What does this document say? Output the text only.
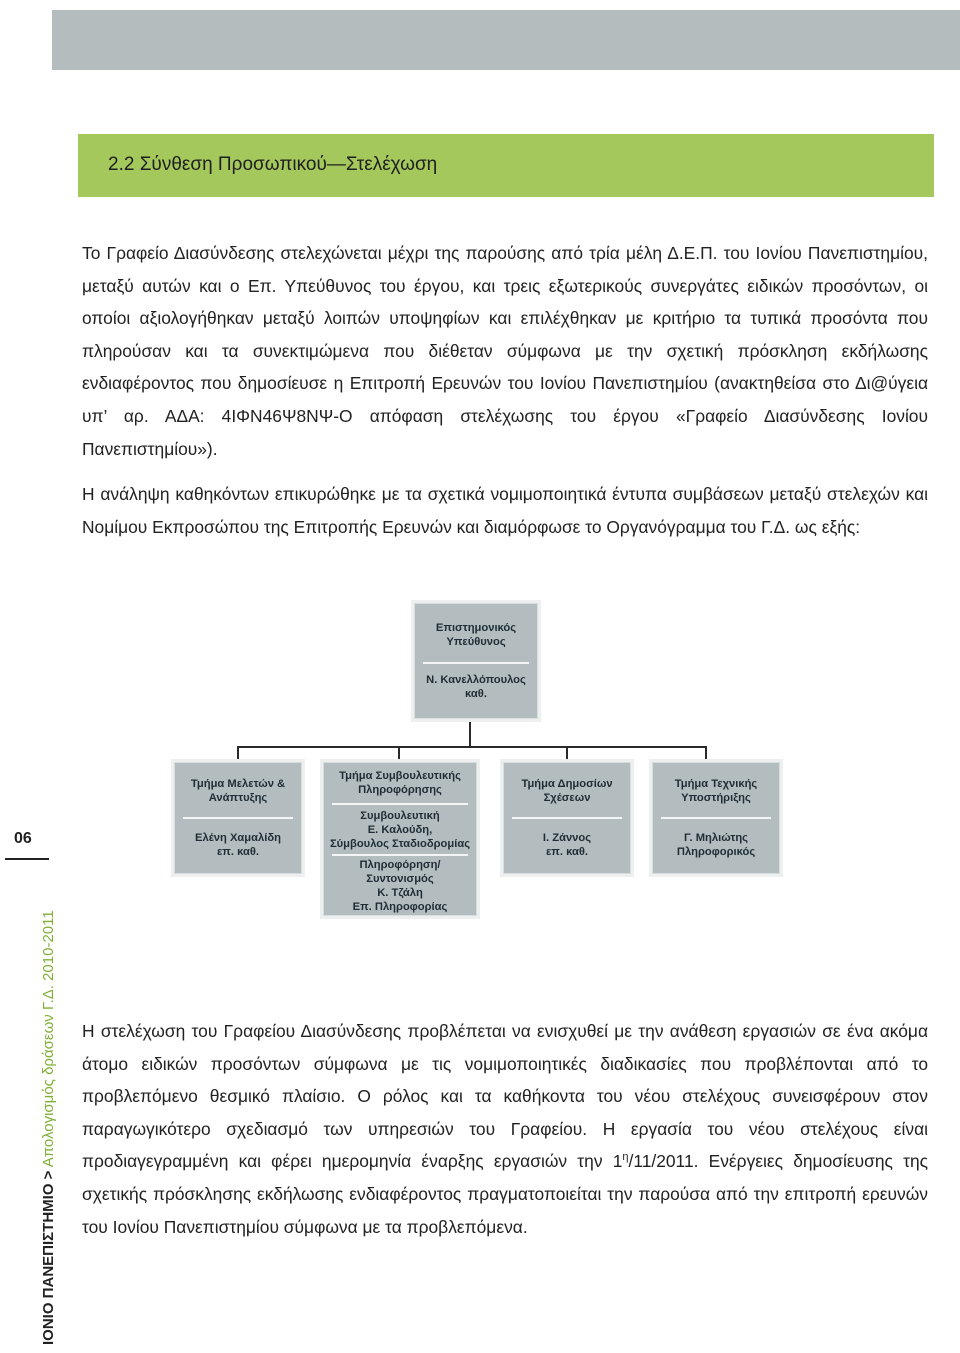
2.2 Σύνθεση Προσωπικού—Στελέχωση

Το Γραφείο Διασύνδεσης στελεχώνεται μέχρι της παρούσης από τρία μέλη Δ.Ε.Π. του Ιονίου Πανεπιστημίου, μεταξύ αυτών και ο Επ. Υπεύθυνος του έργου, και τρεις εξωτερικούς συνεργάτες ειδικών προσόντων, οι οποίοι αξιολογήθηκαν μεταξύ λοιπών υποψηφίων και επιλέχθηκαν με κριτήριο τα τυπικά προσόντα που πληρούσαν και τα συνεκτιμώμενα που διέθεταν σύμφωνα με την σχετική πρόσκληση εκδήλωσης ενδιαφέροντος που δημοσίευσε η Επιτροπή Ερευνών του Ιονίου Πανεπιστημίου (ανακτηθείσα στο Δι@ύγεια υπ’ αρ. ΑΔΑ: 4ΙΦΝ46Ψ8ΝΨ-Ο απόφαση στελέχωσης του έργου «Γραφείο Διασύνδεσης Ιονίου Πανεπιστημίου»).

Η ανάληψη καθηκόντων επικυρώθηκε με τα σχετικά νομιμοποιητικά έντυπα συμβάσεων μεταξύ στελεχών και Νομίμου Εκπροσώπου της Επιτροπής Ερευνών και διαμόρφωσε το Οργανόγραμμα του Γ.Δ. ως εξής:

Επιστημονικός
Υπεύθυνος
Ν. Κανελλόπουλος
καθ.
Τμήμα Μελετών &
Ανάπτυξης
Ελένη Χαμαλίδη
επ. καθ.
Τμήμα Συμβουλευτικής
Πληροφόρησης
Συμβουλευτική
Ε. Καλούδη,
Σύμβουλος Σταδιοδρομίας
Πληροφόρηση/
Συντονισμός
Κ. Τζάλη
Επ. Πληροφορίας
Τμήμα Δημοσίων
Σχέσεων
Ι. Ζάννος
επ. καθ.
Τμήμα Τεχνικής
Υποστήριξης
Γ. Μηλιώτης
Πληροφορικός

Η στελέχωση του Γραφείου Διασύνδεσης προβλέπεται να ενισχυθεί με την ανάθεση εργασιών σε ένα ακόμα άτομο ειδικών προσόντων σύμφωνα με τις νομιμοποιητικές διαδικασίες που προβλέπονται από το προβλεπόμενο θεσμικό πλαίσιο. Ο ρόλος και τα καθήκοντα του νέου στελέχους συνεισφέρουν στον παραγωγικότερο σχεδιασμό των υπηρεσιών του Γραφείου. Η εργασία του νέου στελέχους είναι προδιαγεγραμμένη και φέρει ημερομηνία έναρξης εργασιών την $1^\eta/11/2011$. Ενέργειες δημοσίευσης της σχετικής πρόσκλησης εκδήλωσης ενδιαφέροντος πραγματοποιείται την παρούσα από την επιτροπή ερευνών του Ιονίου Πανεπιστημίου σύμφωνα με τα προβλεπόμενα.

06

ΙΟΝΙΟ ΠΑΝΕΠΙΣΤΗΜΙΟ > Απολογισμός δράσεων Γ.Δ. 2010-2011
